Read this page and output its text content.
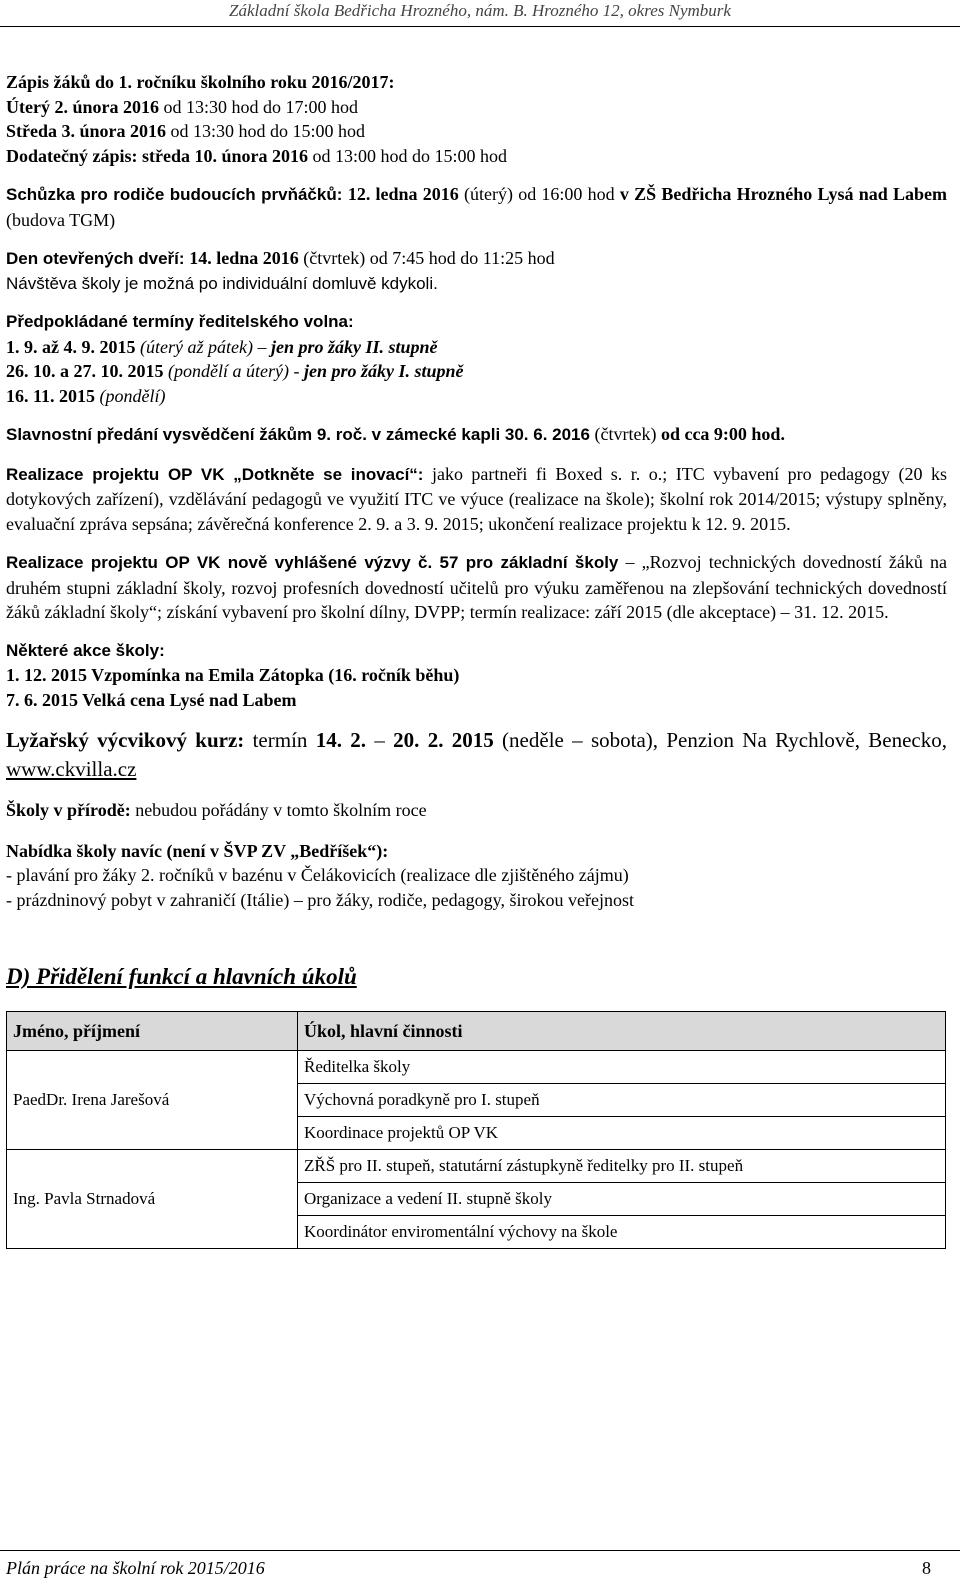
Základní škola Bedřicha Hrozného, nám. B. Hrozného 12, okres Nymburk
Zápis žáků do 1. ročníku školního roku 2016/2017:
Úterý 2. února 2016 od 13:30 hod do 17:00 hod
Středa 3. února 2016 od 13:30 hod do 15:00 hod
Dodatečný zápis: středa 10. února 2016 od 13:00 hod do 15:00 hod
Schůzka pro rodiče budoucích prvňáčků: 12. ledna 2016 (úterý) od 16:00 hod v ZŠ Bedřicha Hrozného Lysá nad Labem (budova TGM)
Den otevřených dveří: 14. ledna 2016 (čtvrtek) od 7:45 hod do 11:25 hod
Návštěva školy je možná po individuální domluvě kdykoli.
Předpokládané termíny ředitelského volna:
1. 9. až 4. 9. 2015 (úterý až pátek) – jen pro žáky II. stupně
26. 10. a 27. 10. 2015 (pondělí a úterý) - jen pro žáky I. stupně
16. 11. 2015 (pondělí)
Slavnostní předání vysvědčení žákům 9. roč. v zámecké kapli 30. 6. 2016 (čtvrtek) od cca 9:00 hod.
Realizace projektu OP VK „Dotkněte se inovací“: jako partneři fi Boxed s. r. o.; ITC vybavení pro pedagogy (20 ks dotykových zařízení), vzdělávání pedagogů ve využití ITC ve výuce (realizace na škole); školní rok 2014/2015; výstupy splněny, evaluační zpráva sepsána; závěrečná konference 2. 9. a 3. 9. 2015; ukončení realizace projektu k 12. 9. 2015.
Realizace projektu OP VK nově vyhlášené výzvy č. 57 pro základní školy – „Rozvoj technických dovedností žáků na druhém stupni základní školy, rozvoj profesních dovedností učitelů pro výuku zaměřenou na zlepšování technických dovedností žáků základní školy“; získání vybavení pro školní dílny, DVPP; termín realizace: září 2015 (dle akceptace) – 31. 12. 2015.
Některé akce školy:
1. 12. 2015 Vzpomínka na Emila Zátopka (16. ročník běhu)
7. 6. 2015 Velká cena Lysé nad Labem
Lyžařský výcvikový kurz: termín 14. 2. – 20. 2. 2015 (neděle – sobota), Penzion Na Rychlově, Benecko, www.ckvilla.cz
Školy v přírodě: nebudou pořádány v tomto školním roce
Nabídka školy navíc (není v ŠVP ZV „Bedříšek“):
- plavání pro žáky 2. ročníků v bazénu v Čelákovicích (realizace dle zjištěného zájmu)
- prázdninový pobyt v zahraničí (Itálie) – pro žáky, rodiče, pedagogy, širokou veřejnost
D) Přidělení funkcí a hlavních úkolů
Jméno, příjmení	Úkol, hlavní činnosti
PaedDr. Irena Jarešová	Ředitelka školy
	Výchovná poradkyně pro I. stupeň
	Koordinace projektů OP VK
Ing. Pavla Strnadová	ZŘŠ pro II. stupeň, statutární zástupkyně ředitelky pro II. stupeň
	Organizace a vedení II. stupně školy
	Koordinátor enviromentální výchovy na škole
Plán práce na školní rok 2015/2016	8
